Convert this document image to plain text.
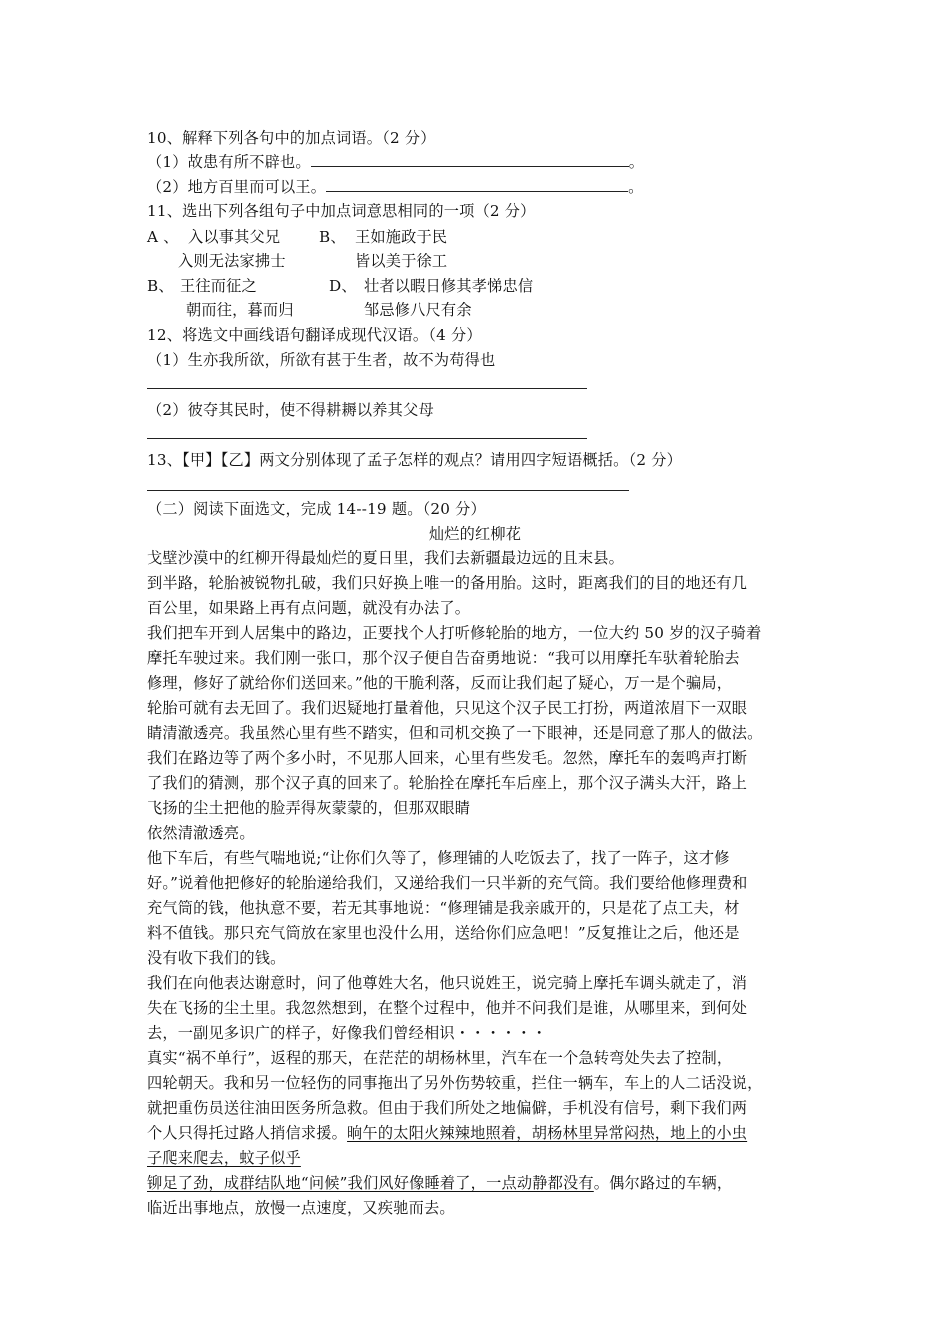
10、解释下列各句中的加点词语。（2 分）
（1）故患有所不辟也。	。
（2）地方百里而可以王。	。
11、选出下列各组句子中加点词意思相同的一项（2 分）
A 、 入以事其父兄	B、 王如施政于民
入则无法家拂士	皆以美于徐工
B、 王往而征之	D、 壮者以暇日修其孝悌忠信
朝而往，暮而归	邹忌修八尺有余
12、将选文中画线语句翻译成现代汉语。（4 分）
（1）生亦我所欲，所欲有甚于生者，故不为苟得也
（2）彼夺其民时，使不得耕耨以养其父母
13、【甲】【乙】两文分别体现了孟子怎样的观点？请用四字短语概括。（2 分）
（二）阅读下面选文，完成 14--19 题。（20 分）
灿烂的红柳花
戈壁沙漠中的红柳开得最灿烂的夏日里，我们去新疆最边远的且末县。
到半路，轮胎被锐物扎破，我们只好换上唯一的备用胎。这时，距离我们的目的地还有几
百公里，如果路上再有点问题，就没有办法了。
我们把车开到人居集中的路边，正要找个人打听修轮胎的地方，一位大约 50 岁的汉子骑着
摩托车驶过来。我们刚一张口，那个汉子便自告奋勇地说：“我可以用摩托车驮着轮胎去
修理，修好了就给你们送回来。”他的干脆利落，反而让我们起了疑心，万一是个骗局，
轮胎可就有去无回了。我们迟疑地打量着他，只见这个汉子民工打扮，两道浓眉下一双眼
睛清澈透亮。我虽然心里有些不踏实，但和司机交换了一下眼神，还是同意了那人的做法。
我们在路边等了两个多小时，不见那人回来，心里有些发毛。忽然，摩托车的轰鸣声打断
了我们的猜测，那个汉子真的回来了。轮胎拴在摩托车后座上，那个汉子满头大汗，路上
飞扬的尘土把他的脸弄得灰蒙蒙的，但那双眼睛
依然清澈透亮。
他下车后，有些气喘地说;“让你们久等了，修理铺的人吃饭去了，找了一阵子，这才修
好。”说着他把修好的轮胎递给我们，又递给我们一只半新的充气筒。我们要给他修理费和
充气筒的钱，他执意不要，若无其事地说：“修理铺是我亲戚开的，只是花了点工夫，材
料不值钱。那只充气筒放在家里也没什么用，送给你们应急吧！”反复推让之后，他还是
没有收下我们的钱。
我们在向他表达谢意时，问了他尊姓大名，他只说姓王，说完骑上摩托车调头就走了，消
失在飞扬的尘土里。我忽然想到，在整个过程中，他并不问我们是谁，从哪里来，到何处
去，一副见多识广的样子，好像我们曾经相识・・・・・・
真实“祸不单行”，返程的那天，在茫茫的胡杨林里，汽车在一个急转弯处失去了控制，
四轮朝天。我和另一位轻伤的同事拖出了另外伤势较重，拦住一辆车，车上的人二话没说，
就把重伤员送往油田医务所急救。但由于我们所处之地偏僻，手机没有信号，剩下我们两
个人只得托过路人捎信求援。晌午的太阳火辣辣地照着，胡杨林里异常闷热，地上的小虫
子爬来爬去，蚊子似乎
铆足了劲，成群结队地“问候”我们风好像睡着了，一点动静都没有。偶尔路过的车辆，
临近出事地点，放慢一点速度，又疾驰而去。
